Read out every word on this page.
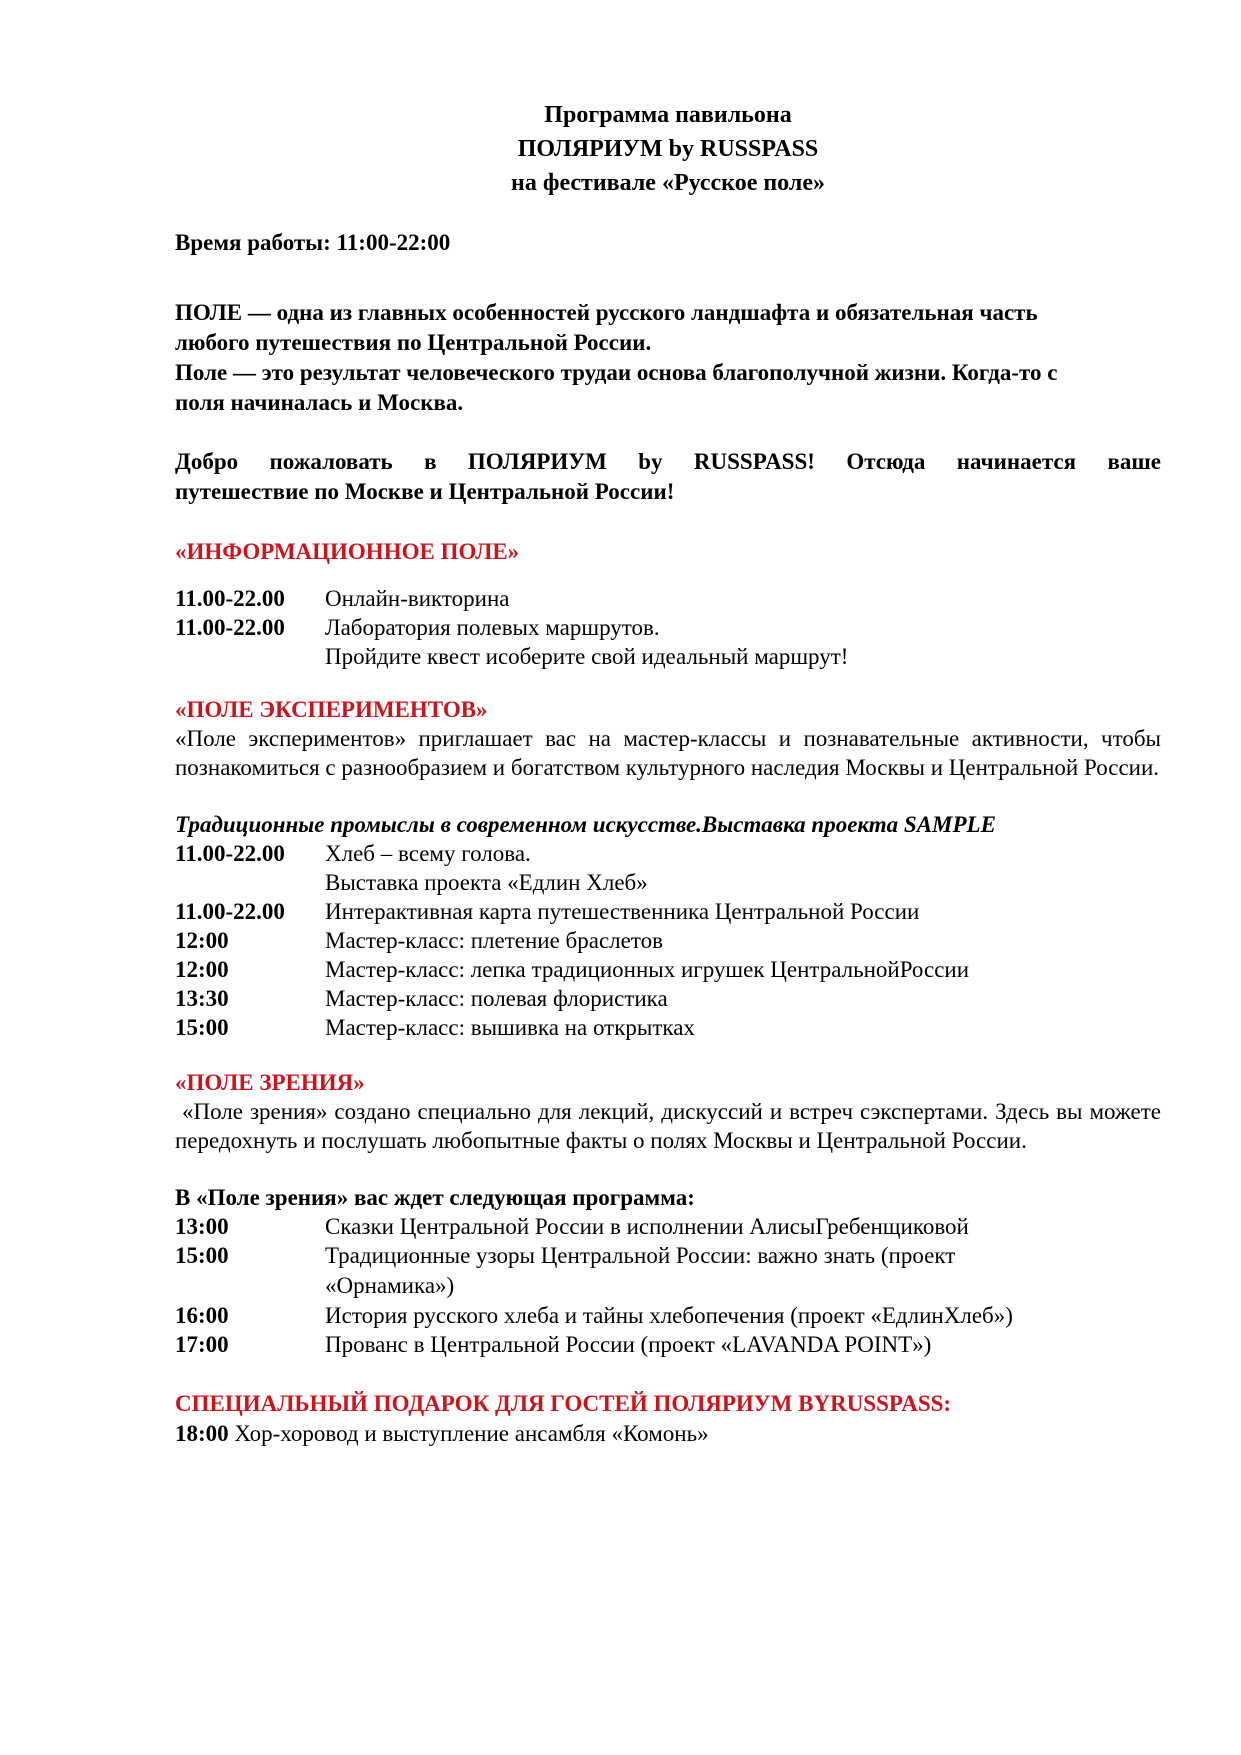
Программа павильона
ПОЛЯРИУМ by RUSSPASS
на фестивале «Русское поле»

Время работы: 11:00-22:00

ПОЛЕ — одна из главных особенностей русского ландшафта и обязательная часть
любого путешествия по Центральной России.
Поле — это результат человеческого трудаи основа благополучной жизни. Когда-то с
поля начиналась и Москва.
Добро пожаловать в ПОЛЯРИУМ by RUSSPASS! Отсюда начинается ваше
путешествие по Москве и Центральной России!
«ИНФОРМАЦИОННОЕ ПОЛЕ»
11.00-22.00	Онлайн-викторина
11.00-22.00	Лаборатория полевых маршрутов.
Пройдите квест исоберите свой идеальный маршрут!
«ПОЛЕ ЭКСПЕРИМЕНТОВ»

«Поле экспериментов» приглашает вас на мастер-классы и познавательные активности, чтобы познакомиться с разнообразием и богатством культурного наследия Москвы и Центральной России.

Традиционные промыслы в современном искусстве.Выставка проекта SAMPLE
11.00-22.00	Хлеб – всему голова.
Выставка проекта «Едлин Хлеб»
11.00-22.00	Интерактивная карта путешественника Центральной России
12:00	Мастер-класс: плетение браслетов
12:00	Мастер-класс: лепка традиционных игрушек ЦентральнойРоссии
13:30	Мастер-класс: полевая флористика
15:00	Мастер-класс: вышивка на открытках
«ПОЛЕ ЗРЕНИЯ»

«Поле зрения» создано специально для лекций, дискуссий и встреч сэкспертами. Здесь вы можете передохнуть и послушать любопытные факты о полях Москвы и Центральной России.

В «Поле зрения» вас ждет следующая программа:
13:00	Сказки Центральной России в исполнении АлисыГребенщиковой
15:00	Традиционные узоры Центральной России: важно знать (проект «Орнамика»)
16:00	История русского хлеба и тайны хлебопечения (проект «ЕдлинХлеб»)
17:00	Прованс в Центральной России (проект «LAVANDA POINT»)
СПЕЦИАЛЬНЫЙ ПОДАРОК ДЛЯ ГОСТЕЙ ПОЛЯРИУМ BYRUSSPASS:
18:00 Хор-хоровод и выступление ансамбля «Комонь»
